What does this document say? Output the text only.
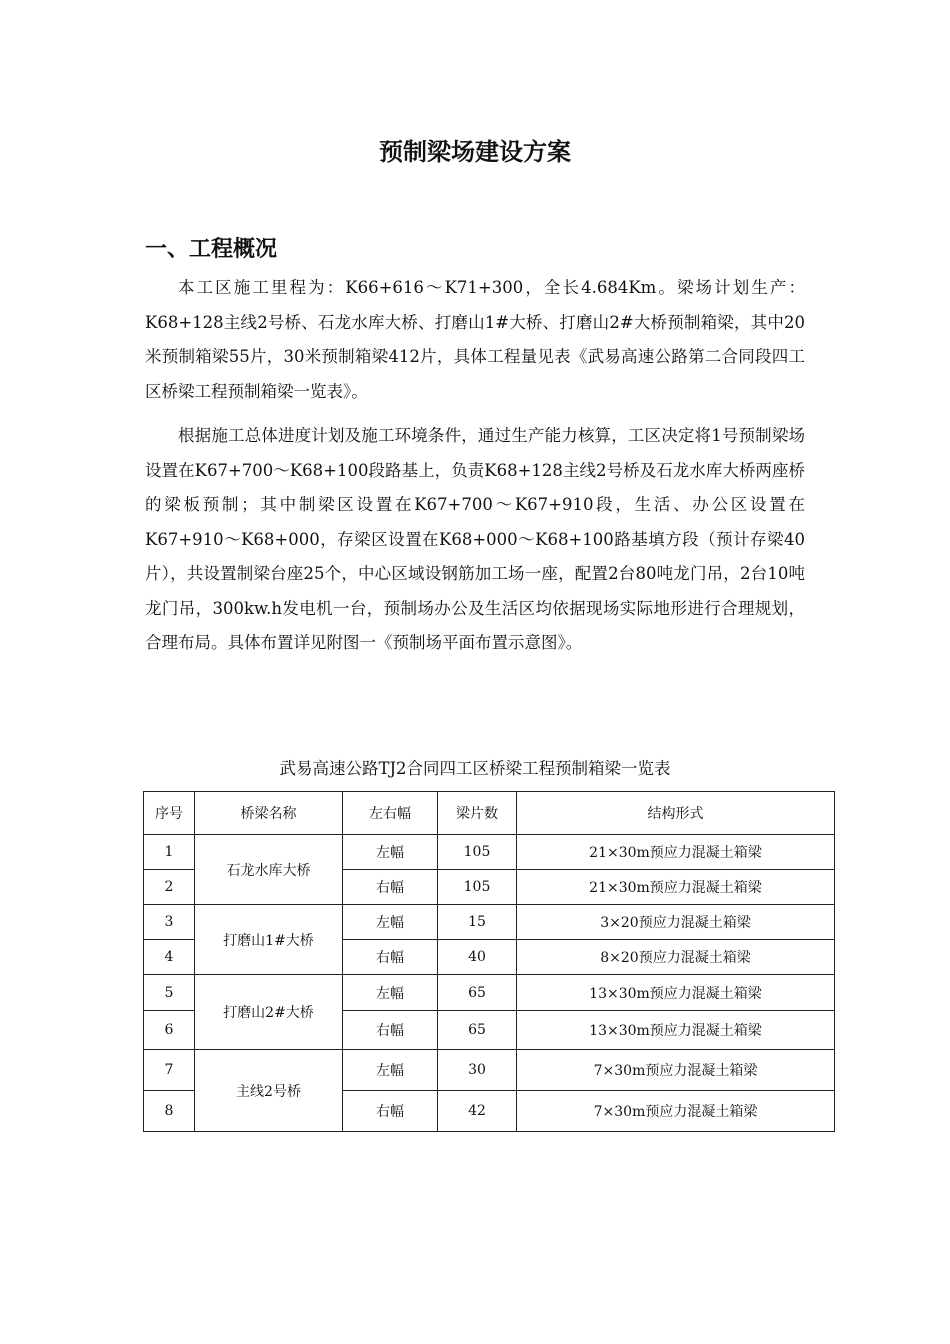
预制梁场建设方案
一、工程概况

本工区施工里程为：K66+616～K71+300，全长4.684Km。梁场计划生产：K68+128主线2号桥、石龙水库大桥、打磨山1#大桥、打磨山2#大桥预制箱梁，其中20米预制箱梁55片，30米预制箱梁412片，具体工程量见表《武易高速公路第二合同段四工区桥梁工程预制箱梁一览表》。

根据施工总体进度计划及施工环境条件，通过生产能力核算，工区决定将1号预制梁场设置在K67+700～K68+100段路基上，负责K68+128主线2号桥及石龙水库大桥两座桥的梁板预制；其中制梁区设置在K67+700～K67+910段，生活、办公区设置在K67+910～K68+000，存梁区设置在K68+000～K68+100路基填方段（预计存梁40片），共设置制梁台座25个，中心区域设钢筋加工场一座，配置2台80吨龙门吊，2台10吨龙门吊，300kw.h发电机一台，预制场办公及生活区均依据现场实际地形进行合理规划，合理布局。具体布置详见附图一《预制场平面布置示意图》。

武易高速公路TJ2合同四工区桥梁工程预制箱梁一览表

序号	桥梁名称	左右幅	梁片数	结构形式
1	石龙水库大桥	左幅	105	21×30m预应力混凝土箱梁
2		右幅	105	21×30m预应力混凝土箱梁
3	打磨山1#大桥	左幅	15	3×20预应力混凝土箱梁
4		右幅	40	8×20预应力混凝土箱梁
5	打磨山2#大桥	左幅	65	13×30m预应力混凝土箱梁
6		右幅	65	13×30m预应力混凝土箱梁
7	主线2号桥	左幅	30	7×30m预应力混凝土箱梁
8		右幅	42	7×30m预应力混凝土箱梁
